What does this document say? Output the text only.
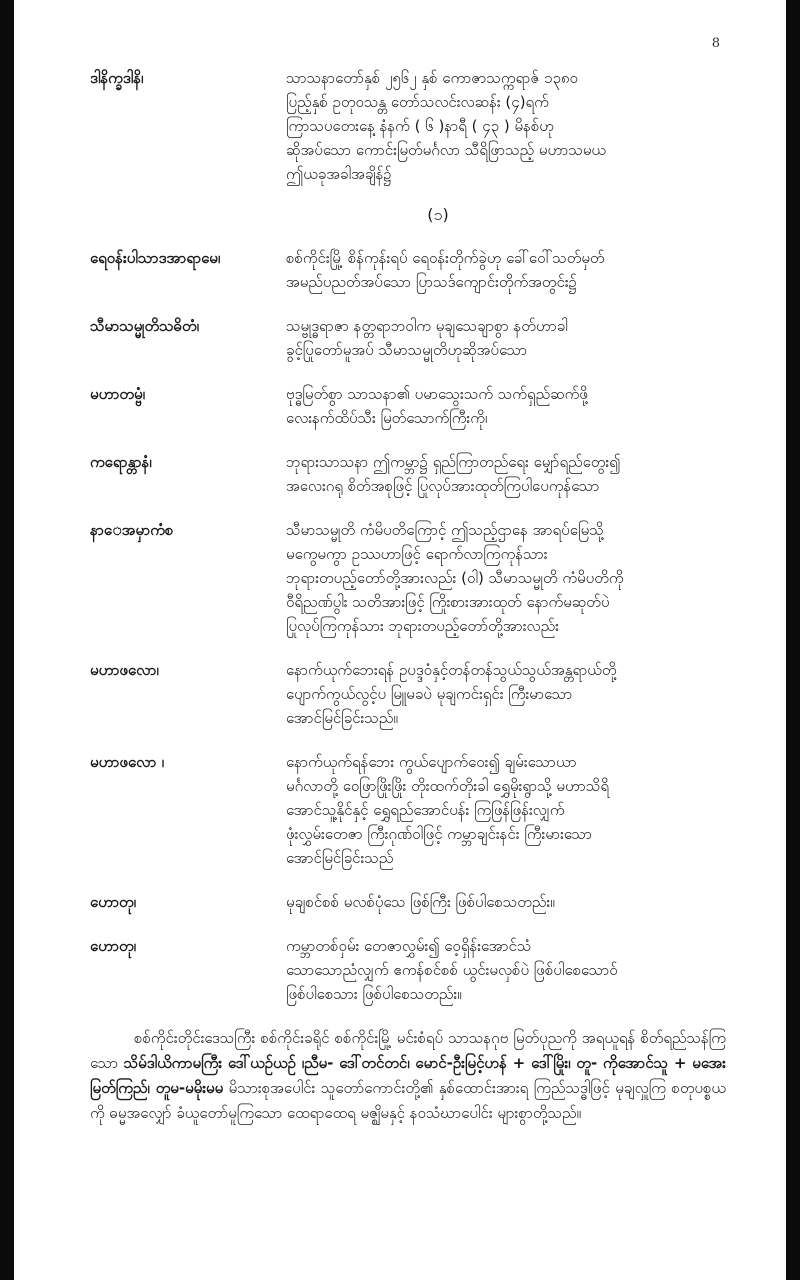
8
ဒါနိက္ခဒါနိ၊	သာသနာတော်နှစ် ၂၅၆၂ နှစ် ကောဇာသက္ကရာဇ် ၁၃၈၀
ပြည့်နှစ် ဥတုဝသန္တ တော်သလင်းလဆန်း (၄)ရက်
ကြာသပတေးနေ့ နံနက် ( ၆ )နာရီ ( ၄၃ ) မိနစ်ဟု
ဆိုအပ်သော ကောင်းမြတ်မင်္ဂလာ သီရိဖြာသည့် မဟာသမယ
ဤယခုအခါအချိန်၌
(၁)
ရေဝန်းပါသာဒအာရာမေ၊	စစ်ကိုင်းမြို့ စိန်ကုန်းရပ် ရေဝန်းတိုက်ခွဲဟု ခေါ်ဝေါ်သတ်မှတ်
အမည်ပညတ်အပ်သော ပြာသဒ်ကျောင်းတိုက်အတွင်း၌
သီမာသမ္မုတိသဓိတံ၊	သမ္ဗုဒ္ဓရာဇာ နတ္တရာဘဝါက မုချသေချာစွာ နတ်ဟာခါ
ခွင့်ပြုတော်မူအပ် သီမာသမ္မုတိဟုဆိုအပ်သော
မဟာတမ္ဗံ၊	ဗုဒ္ဓမြတ်စွာ သာသနာ၏ ပမာသွေးသက် သက်ရှည်ဆက်ဖို့
လေးနက်ထိပ်သီး မြတ်သောက်ကြီးကို၊
ကရောန္တာနံ၊	ဘုရားသာသနာ ဤကမ္ဘာ၌ ရှည်ကြာတည်ရေး မျှော်ရည်တွေး၍
အလေးဂရု စိတ်အစုဖြင့် ပြုလုပ်အားထုတ်ကြပါပေကုန်သော
နာေအမှာကံစ	သီမာသမ္မုတိ ကံမိပတိကြောင့် ဤသည့်ဌာနေ အာရပ်မြေသို့
မကွေမကွာ ဥဿဟာဖြင့် ရောက်လာကြကုန်သား
ဘုရားတပည့်တော်တို့အားလည်း (ဝါ) သီမာသမ္မုတိ ကံမိပတိကို
ဝီရိညဏ်ပွါး သတိအားဖြင့် ကြိုးစားအားထုတ် နောက်မဆုတ်ပဲ
ပြုလုပ်ကြကုန်သား ဘုရားတပည့်တော်တို့အားလည်း
မဟာဖလော၊	နောက်ယုက်ဘေးရန် ဥပဒ္ဒဝံနှင့်တန်တန်သွယ်သွယ်အန္တရာယ်တို့
ပျောက်ကွယ်လွင့်ပ မြူမခပဲ မုချကင်းရှင်း ကြီးမာသော
အောင်မြင်ခြင်းသည်။
မဟာဖလော ၊	နောက်ယုက်ရန်ဘေး ကွယ်ပျောက်ဝေး၍ ချမ်းသောယာ
မင်္ဂလာတို့ ဝေဖြာဖြိုးဖြိုး တိုးထက်တိုးခါ ရွှေမိုးရွာသို့ မဟာသိရိ
အောင်သူ့နိုင်နှင့် ရွှေရည်အောင်ပန်း ကြဖြန်ဖြန်းလျှက်
ဖုံးလွှမ်းတေဇာ ကြီးဂုဏ်ဝါဖြင့် ကမ္ဘာချင်းနင်း ကြီးမားသော
အောင်မြင်ခြင်းသည်
ဟောတု၊	မုချစင်စစ် မလစ်ပုံသေ ဖြစ်ကြီး ဖြစ်ပါစေသတည်း။
ဟောတု၊	ကမ္ဘာတစ်ဝှမ်း တေဇာလွှမ်း၍ ဝေ့ရှိန်းအောင်သံ
သောသောညံလျှက် ဧကန်စင်စစ် ယွင်းမလှစ်ပဲ ဖြစ်ပါစေသောဝ်
ဖြစ်ပါစေသား ဖြစ်ပါစေသတည်း။

စစ်ကိုင်းတိုင်းဒေသကြီး စစ်ကိုင်းခရိုင် စစ်ကိုင်းမြို့ မင်းစံရပ် သာသနဂုဗ မြတ်ပုညကို အရယူရန် စိတ်ရည်သန်ကြသော သိမ်ဒါယိကာမကြီး ဒေါ်ယဉ်ယဉ် ၊ညီမ- ဒေါ်တင်တင်၊ မောင်-ဦးမြင့်ဟန် + ဒေါ်မြိုး၊ တူ- ကိုအောင်သူ + မအေးမြတ်ကြည်၊ တူမ-မမိုးမမ မိသားစုအပေါင်း သူတော်ကောင်းတို့၏ နှစ်ထောင်းအားရ ကြည်သဒ္ဓါဖြင့် မုချလှူကြ စတုပစ္စယကို ဓမ္မအလျှော် ခံယူတော်မူကြသော ထေရာထေရ မဇ္ဈိမနှင့် နဝသံဃာပေါင်း များစွာတို့သည်။
